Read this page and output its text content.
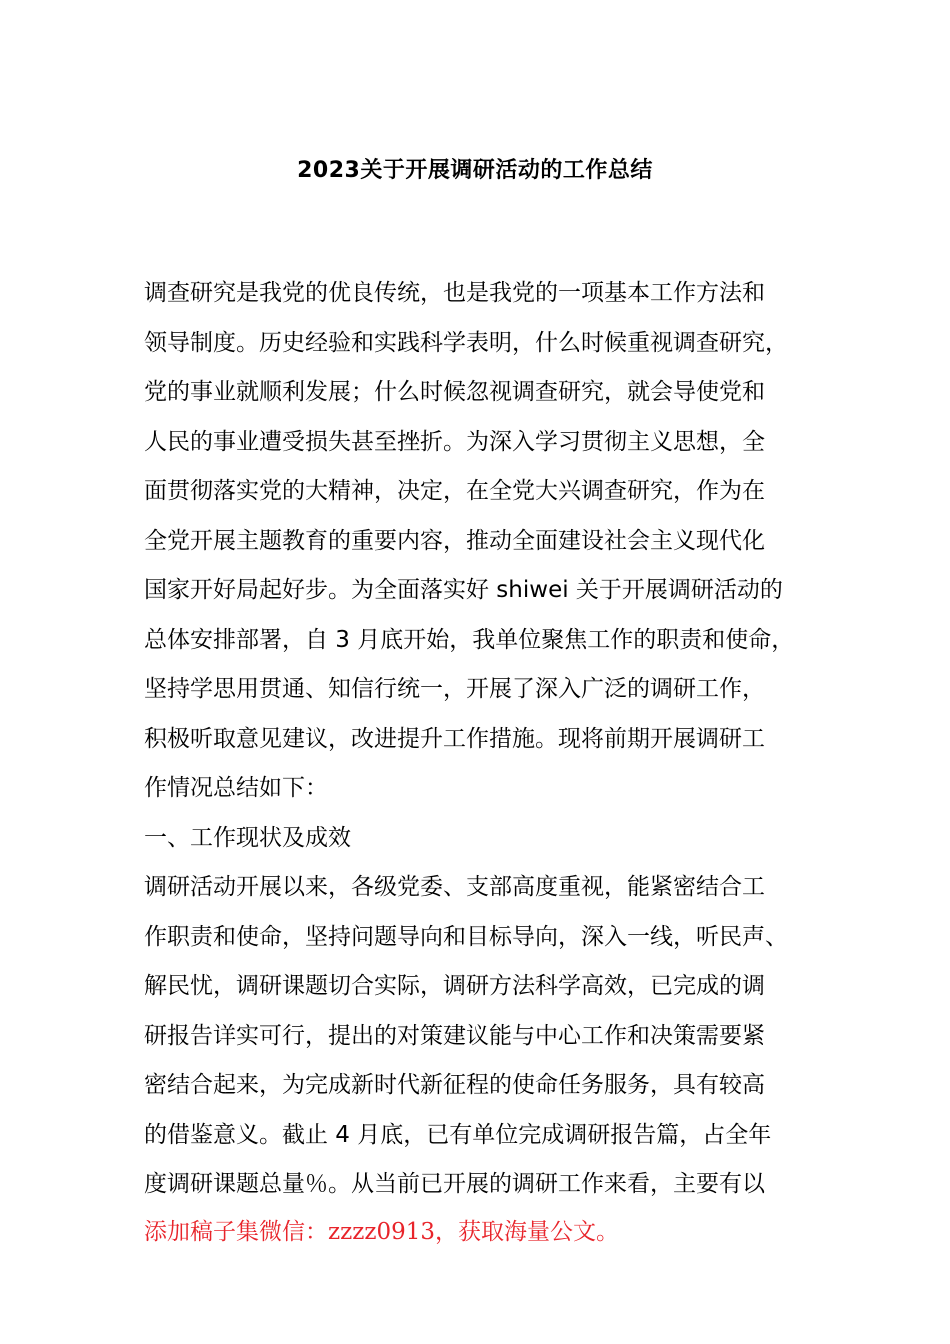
2023关于开展调研活动的工作总结
调查研究是我党的优良传统，也是我党的一项基本工作方法和
领导制度。历史经验和实践科学表明，什么时候重视调查研究，
党的事业就顺利发展；什么时候忽视调查研究，就会导使党和
人民的事业遭受损失甚至挫折。为深入学习贯彻主义思想，全
面贯彻落实党的大精神，决定，在全党大兴调查研究，作为在
全党开展主题教育的重要内容，推动全面建设社会主义现代化
国家开好局起好步。为全面落实好 shiwei 关于开展调研活动的
总体安排部署，自 3 月底开始，我单位聚焦工作的职责和使命，
坚持学思用贯通、知信行统一，开展了深入广泛的调研工作，
积极听取意见建议，改进提升工作措施。现将前期开展调研工
作情况总结如下：
一、工作现状及成效
调研活动开展以来，各级党委、支部高度重视，能紧密结合工
作职责和使命，坚持问题导向和目标导向，深入一线，听民声、
解民忧，调研课题切合实际，调研方法科学高效，已完成的调
研报告详实可行，提出的对策建议能与中心工作和决策需要紧
密结合起来，为完成新时代新征程的使命任务服务，具有较高
的借鉴意义。截止 4 月底，已有单位完成调研报告篇，占全年
度调研课题总量％。从当前已开展的调研工作来看，主要有以
添加稿子集微信：zzzz0913，获取海量公文。
